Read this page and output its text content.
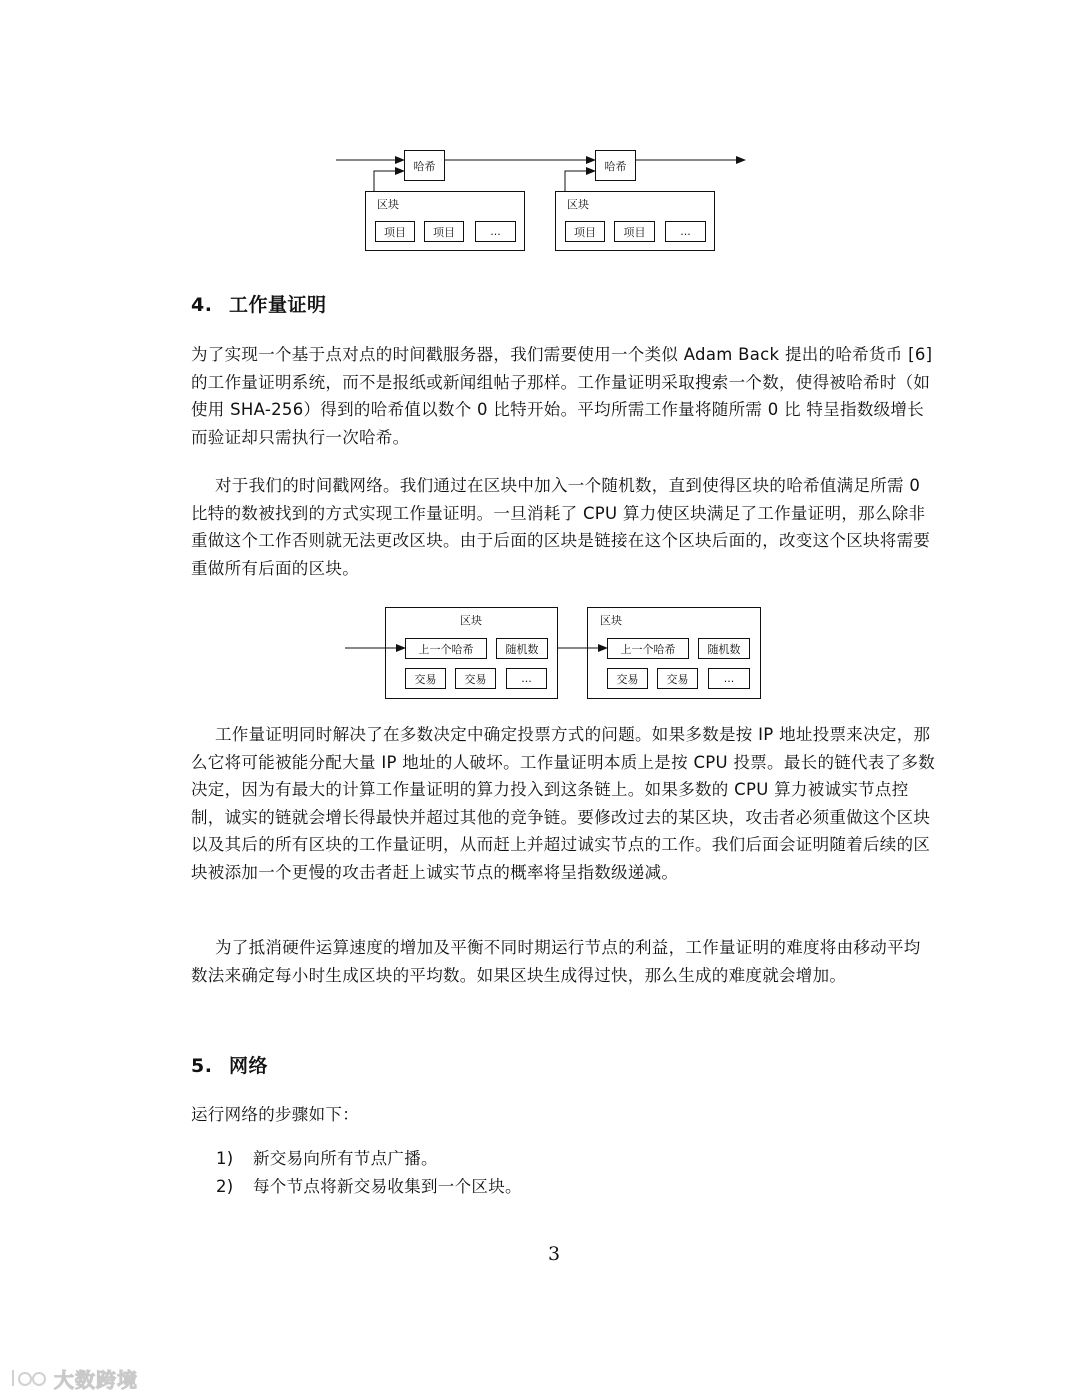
哈希	哈希
区块	区块
项目 项目	...	项目	项目	...
4. 工作量证明

为了实现一个基于点对点的时间戳服务器，我们需要使用一个类似 Adam Back 提出的哈希货币 [6] 的工作量证明系统，而不是报纸或新闻组帖子那样。工作量证明采取搜索一个数，使得被哈希时（如使用 SHA-256）得到的哈希值以数个 0 比特开始。平均所需工作量将随所需 0 比 特呈指数级增长而验证却只需执行一次哈希。

对于我们的时间戳网络。我们通过在区块中加入一个随机数，直到使得区块的哈希值满足所需 0 比特的数被找到的方式实现工作量证明。一旦消耗了 CPU 算力使区块满足了工作量证明，那么除非重做这个工作否则就无法更改区块。由于后面的区块是链接在这个区块后面的，改变这个区块将需要重做所有后面的区块。

区块	区块
上一个哈希	随机数
交易	交易	...
上一个哈希	随机数
交易	交易	...

工作量证明同时解决了在多数决定中确定投票方式的问题。如果多数是按 IP 地址投票来决定，那么它将可能被能分配大量 IP 地址的人破坏。工作量证明本质上是按 CPU 投票。最长的链代表了多数决定，因为有最大的计算工作量证明的算力投入到这条链上。如果多数的 CPU 算力被诚实节点控制，诚实的链就会增长得最快并超过其他的竞争链。要修改过去的某区块，攻击者必须重做这个区块以及其后的所有区块的工作量证明，从而赶上并超过诚实节点的工作。我们后面会证明随着后续的区块被添加一个更慢的攻击者赶上诚实节点的概率将呈指数级递减。

为了抵消硬件运算速度的增加及平衡不同时期运行节点的利益，工作量证明的难度将由移动平均数法来确定每小时生成区块的平均数。如果区块生成得过快，那么生成的难度就会增加。

5. 网络

运行网络的步骤如下：

1) 新交易向所有节点广播。
2) 每个节点将新交易收集到一个区块。
3
大数跨境
